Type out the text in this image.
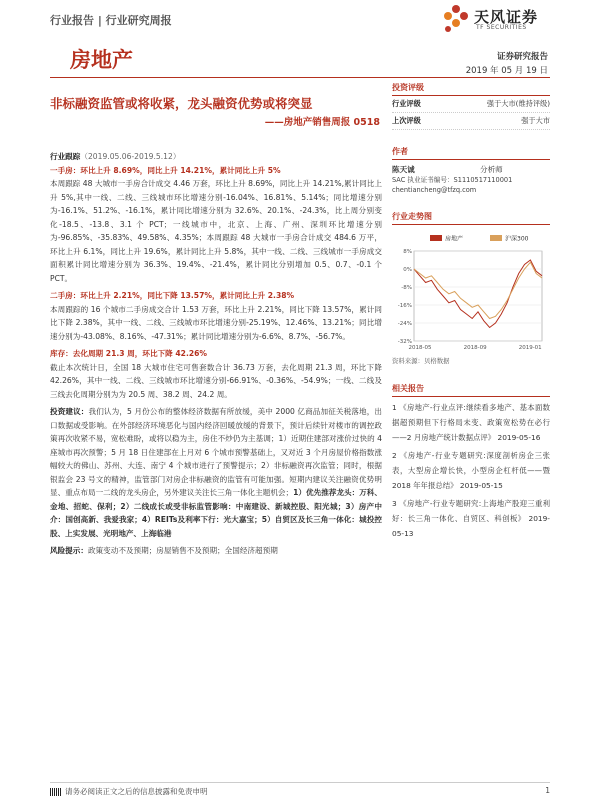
行业报告 | 行业研究周报	天风证券
TF SECURITIES
房地产	证券研究报告
2019 年 05 月 19 日
非标融资监管或将收紧，龙头融资优势或将突显
——房地产销售周报 0518
行业跟踪（2019.05.06-2019.5.12）
一手房：环比上升 8.69%，同比上升 14.21%，累计同比上升 5%

本周跟踪 48 大城市一手房合计成交 4.46 万套，环比上升 8.69%，同比上升 14.21%,累计同比上升 5%,其中一线、二线、三线城市环比增速分别-16.04%、16.81%、5.14%；同比增速分别为-16.1%、51.2%、-16.1%，累计同比增速分别为 32.6%、20.1%、-24.3%，比上周分别变化-18.5、-13.8、3.1 个 PCT；一线城市中，北京、上海、广州、深圳环比增速分别为-96.85%、-35.83%、49.58%、4.35%；本周跟踪 48 大城市一手房合计成交 484.6 万平，环比上升 6.1%，同比上升 19.6%，累计同比上升 5.8%，其中一线、二线、三线城市一手房成交面积累计同比增速分别为 36.3%、19.4%、-21.4%，累计同比分别增加 0.5、0.7、-0.1 个 PCT。

二手房：环比上升 2.21%，同比下降 13.57%，累计同比上升 2.38%

本周跟踪的 16 个城市二手房成交合计 1.53 万套，环比上升 2.21%，同比下降 13.57%，累计同比下降 2.38%，其中一线、二线、三线城市环比增速分别-25.19%、12.46%、13.21%；同比增速分别为-43.08%、8.16%、-47.31%；累计同比增速分别为-6.6%、8.7%、-56.7%。

库存：去化周期 21.3 周，环比下降 42.26%

截止本次统计日，全国 18 大城市住宅可售套数合计 36.73 万套，去化周期 21.3 周，环比下降 42.26%，其中一线、二线、三线城市环比增速分别-66.91%、-0.36%、-54.9%；一线、二线及三线去化周期分别为为 20.5 周、38.2 周、24.2 周。

投资建议：我们认为，5 月份公布的整体经济数据有所放缓，美中 2000 亿商品加征关税落地，出口数据或受影响。在外部经济环境恶化与国内经济回暖放缓的背景下，预计后续针对楼市的调控政策再次收紧不易，宽松难盼，或将以稳为主，房住不炒仍为主基调；1）近期住建部对涨价过快的 4 座城市再次预警；5 月 18 日住建部在上月对 6 个城市预警基础上，又对近 3 个月房屋价格指数涨幅较大的佛山、苏州、大连、南宁 4 个城市进行了预警提示；2）非标融资再次监管；同时，根据银监会 23 号文的精神，监管部门对房企非标融资的监管有可能加强。短期内建议关注融资优势明显、重点布局一二线的龙头房企，另外建议关注长三角一体化主题机会；1）优先推荐龙头：万科、金地、招蛇、保利；2）二线成长或受非标监管影响：中南建设、新城控股、阳光城；3）房产中介：国创高新、我爱我家；4）REITs及利率下行：光大嘉宝；5）自贸区及长三角一体化：城投控股、上实发展、光明地产、上海临港

风险提示：政策变动不及预期；房屋销售不及预期；全国经济超预期

投资评级
行业评级	强于大市(维持评级)
上次评级	强于大市
作者
陈天诚	分析师
SAC 执业证书编号：S1110517110001
chentiancheng@tfzq.com
行业走势图
8%
0%
-8%
-16%
-24%
-32%
2018-05	2018-09	2019-01
房地产	沪深300
资料来源：贝格数据
相关报告
1 《房地产-行业点评:继续看多地产、基本面数据超预期但下行格局未变、政策宽松势在必行——2 月房地产统计数据点评》 2019-05-16
2 《房地产-行业专题研究:深度剖析房企三张表，大型房企增长快，小型房企杠杆低——暨 2018 年年报总结》 2019-05-15
3 《房地产-行业专题研究:上海地产股迎三重利好：长三角一体化、自贸区、科创板》 2019-05-13
请务必阅读正文之后的信息披露和免责申明	1
